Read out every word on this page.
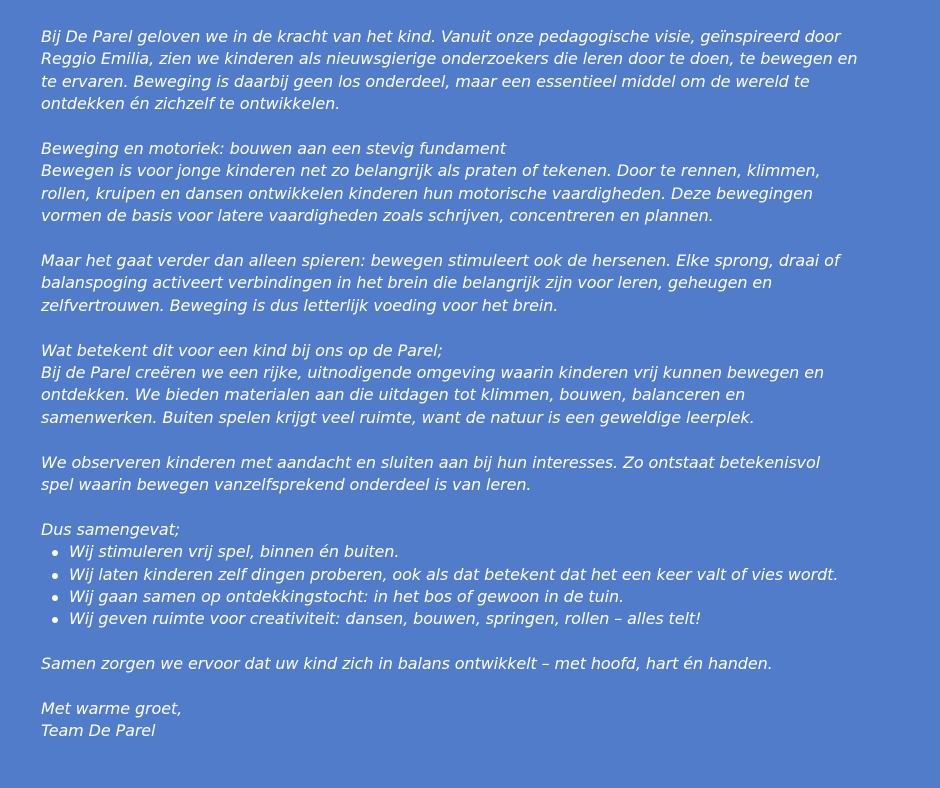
Bij De Parel geloven we in de kracht van het kind. Vanuit onze pedagogische visie, geïnspireerd door
Reggio Emilia, zien we kinderen als nieuwsgierige onderzoekers die leren door te doen, te bewegen en
te ervaren. Beweging is daarbij geen los onderdeel, maar een essentieel middel om de wereld te
ontdekken én zichzelf te ontwikkelen.
Beweging en motoriek: bouwen aan een stevig fundament
Bewegen is voor jonge kinderen net zo belangrijk als praten of tekenen. Door te rennen, klimmen,
rollen, kruipen en dansen ontwikkelen kinderen hun motorische vaardigheden. Deze bewegingen
vormen de basis voor latere vaardigheden zoals schrijven, concentreren en plannen.
Maar het gaat verder dan alleen spieren: bewegen stimuleert ook de hersenen. Elke sprong, draai of
balanspoging activeert verbindingen in het brein die belangrijk zijn voor leren, geheugen en
zelfvertrouwen. Beweging is dus letterlijk voeding voor het brein.
Wat betekent dit voor een kind bij ons op de Parel;
Bij de Parel creëren we een rijke, uitnodigende omgeving waarin kinderen vrij kunnen bewegen en
ontdekken. We bieden materialen aan die uitdagen tot klimmen, bouwen, balanceren en
samenwerken. Buiten spelen krijgt veel ruimte, want de natuur is een geweldige leerplek.
We observeren kinderen met aandacht en sluiten aan bij hun interesses. Zo ontstaat betekenisvol
spel waarin bewegen vanzelfsprekend onderdeel is van leren.
Dus samengevat;
Wij stimuleren vrij spel, binnen én buiten.
Wij laten kinderen zelf dingen proberen, ook als dat betekent dat het een keer valt of vies wordt.
Wij gaan samen op ontdekkingstocht: in het bos of gewoon in de tuin.
Wij geven ruimte voor creativiteit: dansen, bouwen, springen, rollen – alles telt!
Samen zorgen we ervoor dat uw kind zich in balans ontwikkelt – met hoofd, hart én handen.
Met warme groet,
Team De Parel
